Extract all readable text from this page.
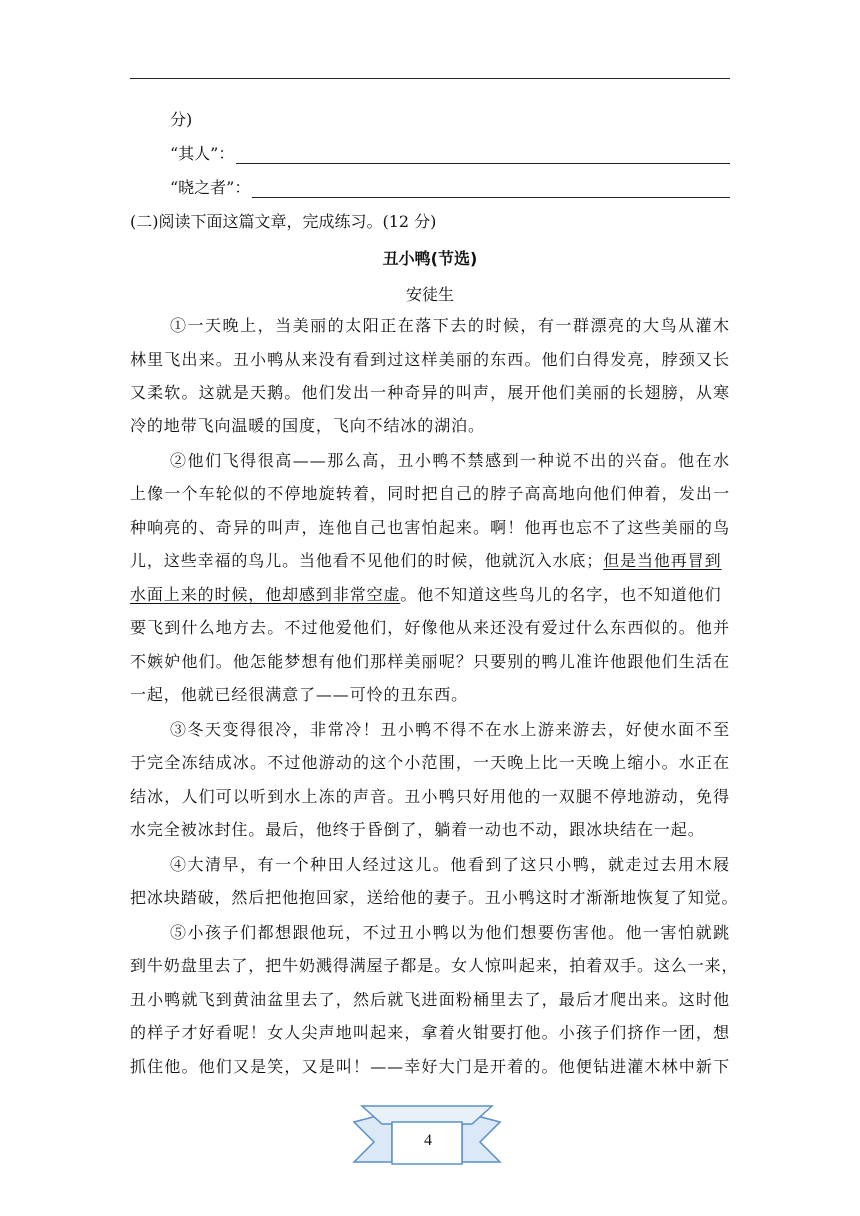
分)
“其人”：
“晓之者”：
(二)阅读下面这篇文章，完成练习。(12 分)
丑小鸭(节选)
安徒生
①一天晚上，当美丽的太阳正在落下去的时候，有一群漂亮的大鸟从灌木
林里飞出来。丑小鸭从来没有看到过这样美丽的东西。他们白得发亮，脖颈又长
又柔软。这就是天鹅。他们发出一种奇异的叫声，展开他们美丽的长翅膀，从寒
冷的地带飞向温暖的国度，飞向不结冰的湖泊。
②他们飞得很高——那么高，丑小鸭不禁感到一种说不出的兴奋。他在水
上像一个车轮似的不停地旋转着，同时把自己的脖子高高地向他们伸着，发出一
种响亮的、奇异的叫声，连他自己也害怕起来。啊！他再也忘不了这些美丽的鸟
儿，这些幸福的鸟儿。当他看不见他们的时候，他就沉入水底；但是当他再冒到
水面上来的时候，他却感到非常空虚。他不知道这些鸟儿的名字，也不知道他们
要飞到什么地方去。不过他爱他们，好像他从来还没有爱过什么东西似的。他并
不嫉妒他们。他怎能梦想有他们那样美丽呢？只要别的鸭儿准许他跟他们生活在
一起，他就已经很满意了——可怜的丑东西。
③冬天变得很冷，非常冷！丑小鸭不得不在水上游来游去，好使水面不至
于完全冻结成冰。不过他游动的这个小范围，一天晚上比一天晚上缩小。水正在
结冰，人们可以听到水上冻的声音。丑小鸭只好用他的一双腿不停地游动，免得
水完全被冰封住。最后，他终于昏倒了，躺着一动也不动，跟冰块结在一起。
④大清早，有一个种田人经过这儿。他看到了这只小鸭，就走过去用木屐
把冰块踏破，然后把他抱回家，送给他的妻子。丑小鸭这时才渐渐地恢复了知觉。
⑤小孩子们都想跟他玩，不过丑小鸭以为他们想要伤害他。他一害怕就跳
到牛奶盘里去了，把牛奶溅得满屋子都是。女人惊叫起来，拍着双手。这么一来，
丑小鸭就飞到黄油盆里去了，然后就飞进面粉桶里去了，最后才爬出来。这时他
的样子才好看呢！女人尖声地叫起来，拿着火钳要打他。小孩子们挤作一团，想
抓住他。他们又是笑，又是叫！——幸好大门是开着的。他便钻进灌木林中新下
4
